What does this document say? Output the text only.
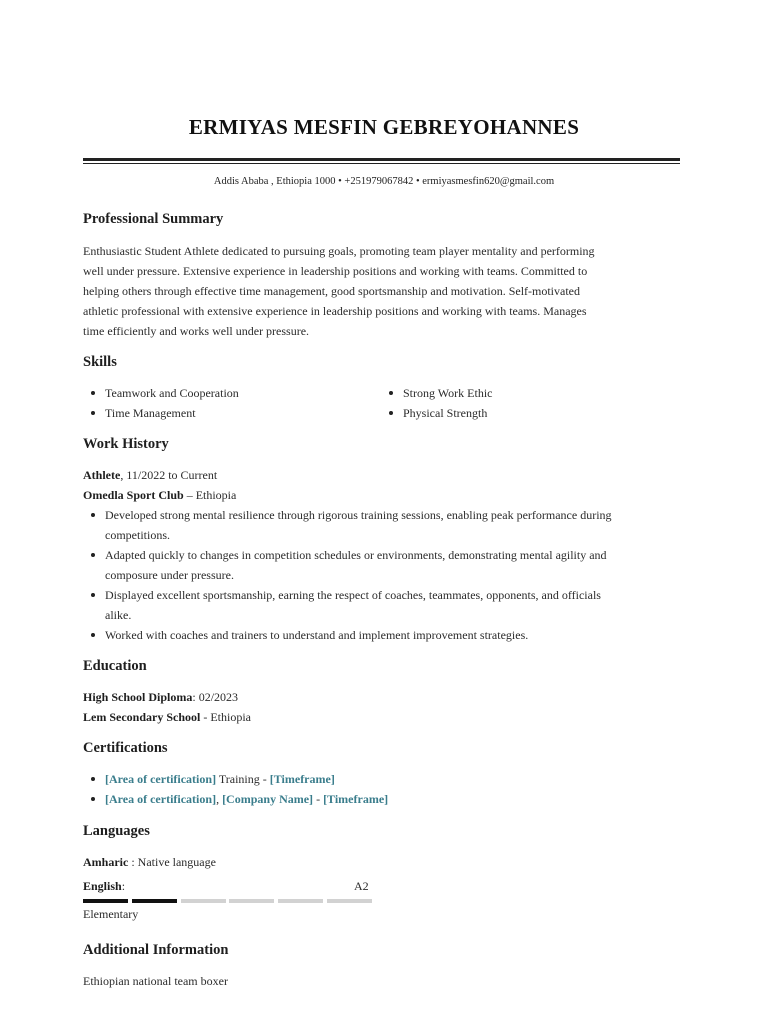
ERMIYAS MESFIN GEBREYOHANNES
Addis Ababa , Ethiopia 1000 • +251979067842 • ermiyasmesfin620@gmail.com
Professional Summary
Enthusiastic Student Athlete dedicated to pursuing goals, promoting team player mentality and performing
well under pressure. Extensive experience in leadership positions and working with teams. Committed to
helping others through effective time management, good sportsmanship and motivation. Self-motivated
athletic professional with extensive experience in leadership positions and working with teams. Manages
time efficiently and works well under pressure.
Skills
Teamwork and Cooperation
Time Management
Strong Work Ethic
Physical Strength
Work History
Athlete, 11/2022 to Current
Omedla Sport Club – Ethiopia
Developed strong mental resilience through rigorous training sessions, enabling peak performance during
competitions.
Adapted quickly to changes in competition schedules or environments, demonstrating mental agility and
composure under pressure.
Displayed excellent sportsmanship, earning the respect of coaches, teammates, opponents, and officials
alike.
Worked with coaches and trainers to understand and implement improvement strategies.
Education
High School Diploma: 02/2023
Lem Secondary School - Ethiopia
Certifications
[Area of certification] Training - [Timeframe]
[Area of certification], [Company Name] - [Timeframe]
Languages
Amharic : Native language
English:	A2
Elementary
Additional Information
Ethiopian national team boxer
